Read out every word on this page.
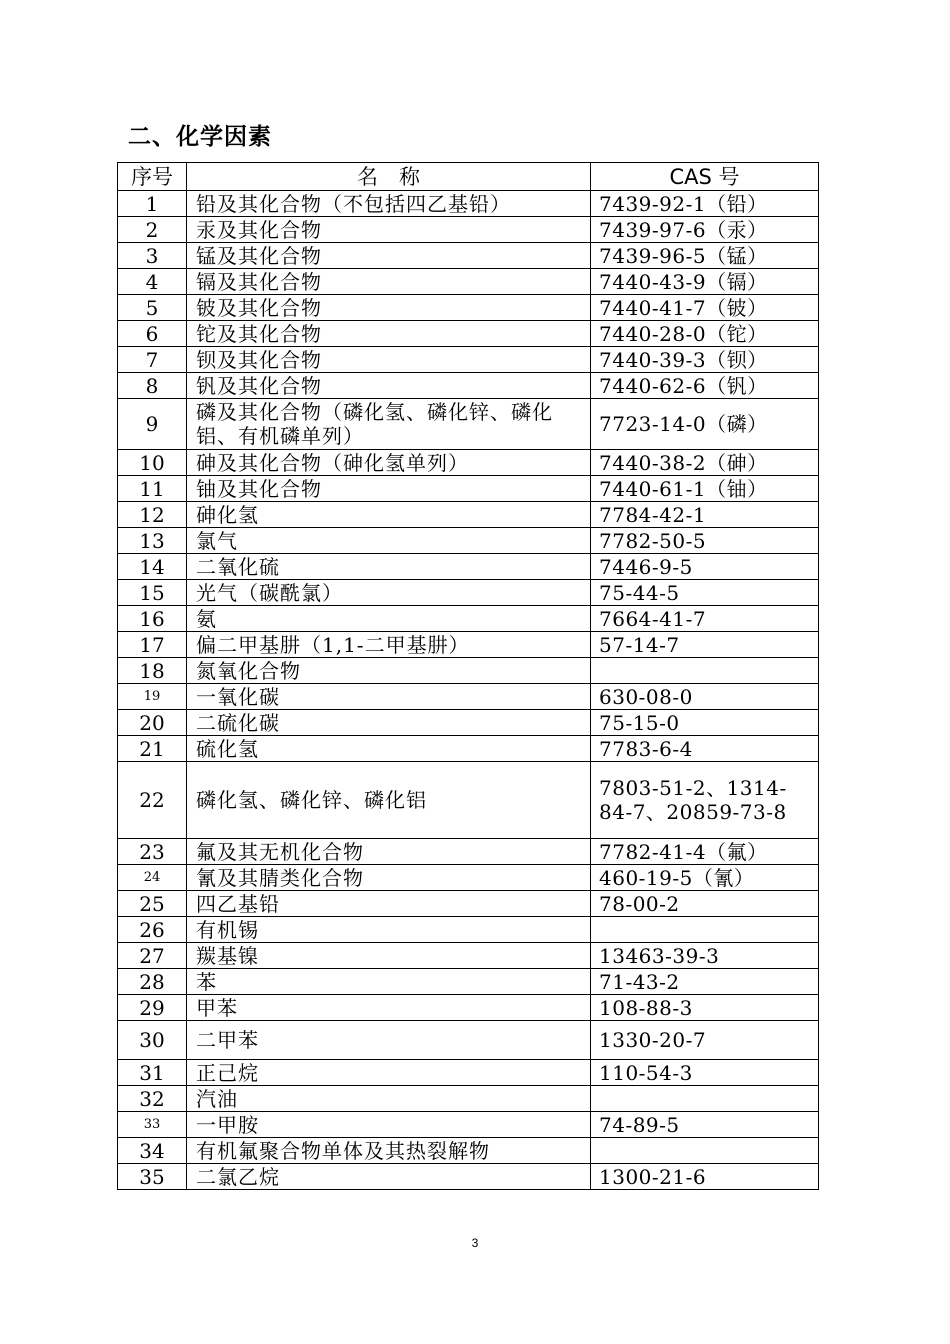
二、化学因素
序号	名　称	CAS 号
1	铅及其化合物（不包括四乙基铅）	7439-92-1（铅）
2	汞及其化合物	7439-97-6（汞）
3	锰及其化合物	7439-96-5（锰）
4	镉及其化合物	7440-43-9（镉）
5	铍及其化合物	7440-41-7（铍）
6	铊及其化合物	7440-28-0（铊）
7	钡及其化合物	7440-39-3（钡）
8	钒及其化合物	7440-62-6（钒）
9	磷及其化合物（磷化氢、磷化锌、磷化铝、有机磷单列）	7723-14-0（磷）
10	砷及其化合物（砷化氢单列）	7440-38-2（砷）
11	铀及其化合物	7440-61-1（铀）
12	砷化氢	7784-42-1
13	氯气	7782-50-5
14	二氧化硫	7446-9-5
15	光气（碳酰氯）	75-44-5
16	氨	7664-41-7
17	偏二甲基肼（1,1-二甲基肼）	57-14-7
18	氮氧化合物	
19	一氧化碳	630-08-0
20	二硫化碳	75-15-0
21	硫化氢	7783-6-4
22	磷化氢、磷化锌、磷化铝	7803-51-2、1314-84-7、20859-73-8
23	氟及其无机化合物	7782-41-4（氟）
24	氰及其腈类化合物	460-19-5（氰）
25	四乙基铅	78-00-2
26	有机锡	
27	羰基镍	13463-39-3
28	苯	71-43-2
29	甲苯	108-88-3
30	二甲苯	1330-20-7
31	正己烷	110-54-3
32	汽油	
33	一甲胺	74-89-5
34	有机氟聚合物单体及其热裂解物	
35	二氯乙烷	1300-21-6
3
